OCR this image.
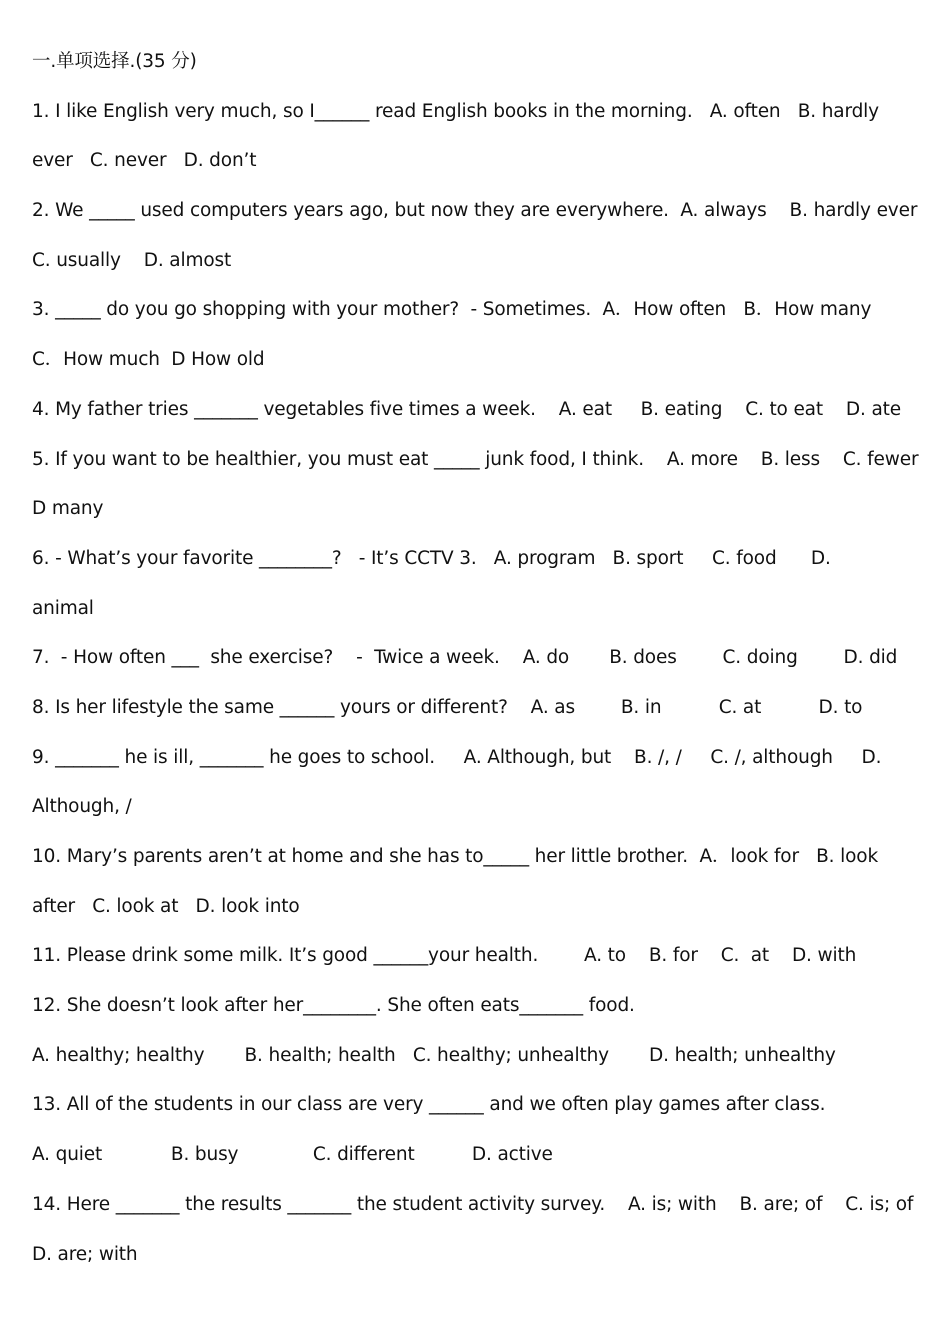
一.单项选择.(35 分)
1. I like English very much, so I______ read English books in the morning.   A. often   B. hardly
ever   C. never   D. don’t
2. We _____ used computers years ago, but now they are everywhere.  A. always    B. hardly ever
C. usually    D. almost
3. _____ do you go shopping with your mother?  - Sometimes.  A．How often   B．How many
C．How much  D How old
4. My father tries _______ vegetables five times a week.    A. eat     B. eating    C. to eat    D. ate
5. If you want to be healthier, you must eat _____ junk food, I think.    A. more    B. less    C. fewer
D many
6. - What’s your favorite ________?   - It’s CCTV 3.   A. program   B. sport     C. food      D.
animal
7.  - How often ___  she exercise?    -  Twice a week.    A. do       B. does        C. doing        D. did
8. Is her lifestyle the same ______ yours or different?    A. as        B. in          C. at          D. to
9. _______ he is ill, _______ he goes to school.     A. Although, but    B. /, /     C. /, although     D.
Although, /
10. Mary’s parents aren’t at home and she has to_____ her little brother.  A．look for   B. look
after   C. look at   D. look into
11. Please drink some milk. It’s good ______your health.        A. to    B. for    C.  at    D. with
12. She doesn’t look after her________. She often eats_______ food.
A. healthy; healthy       B. health; health   C. healthy; unhealthy       D. health; unhealthy
13. All of the students in our class are very ______ and we often play games after class.
A. quiet            B. busy             C. different          D. active
14. Here _______ the results _______ the student activity survey.    A. is; with    B. are; of    C. is; of
D. are; with
